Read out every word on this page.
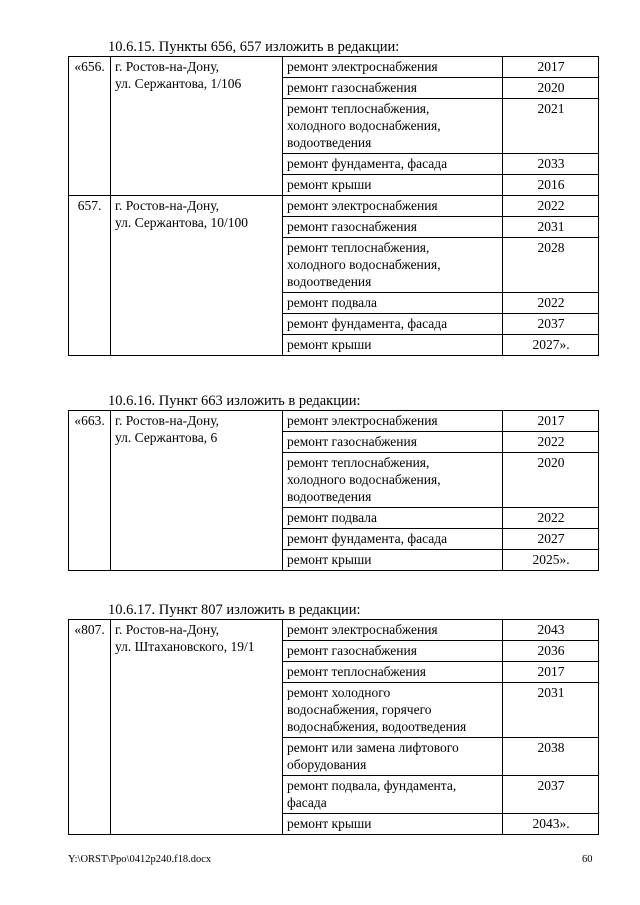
10.6.15. Пункты 656, 657 изложить в редакции:
«656.	г. Ростов-на-Дону,
ул. Сержантова, 1/106	ремонт электроснабжения	2017
		ремонт газоснабжения	2020
		ремонт теплоснабжения,
холодного водоснабжения,
водоотведения	2021
		ремонт фундамента, фасада	2033
		ремонт крыши	2016
657.	г. Ростов-на-Дону,
ул. Сержантова, 10/100	ремонт электроснабжения	2022
		ремонт газоснабжения	2031
		ремонт теплоснабжения,
холодного водоснабжения,
водоотведения	2028
		ремонт подвала	2022
		ремонт фундамента, фасада	2037
		ремонт крыши	2027».
10.6.16. Пункт 663 изложить в редакции:
«663.	г. Ростов-на-Дону,
ул. Сержантова, 6	ремонт электроснабжения	2017
		ремонт газоснабжения	2022
		ремонт теплоснабжения,
холодного водоснабжения,
водоотведения	2020
		ремонт подвала	2022
		ремонт фундамента, фасада	2027
		ремонт крыши	2025».
10.6.17. Пункт 807 изложить в редакции:
«807.	г. Ростов-на-Дону,
ул. Штахановского, 19/1	ремонт электроснабжения	2043
		ремонт газоснабжения	2036
		ремонт теплоснабжения	2017
		ремонт холодного
водоснабжения, горячего
водоснабжения, водоотведения	2031
		ремонт или замена лифтового
оборудования	2038
		ремонт подвала, фундамента,
фасада	2037
		ремонт крыши	2043».
Y:\ORST\Ppo\0412p240.f18.docx	60
